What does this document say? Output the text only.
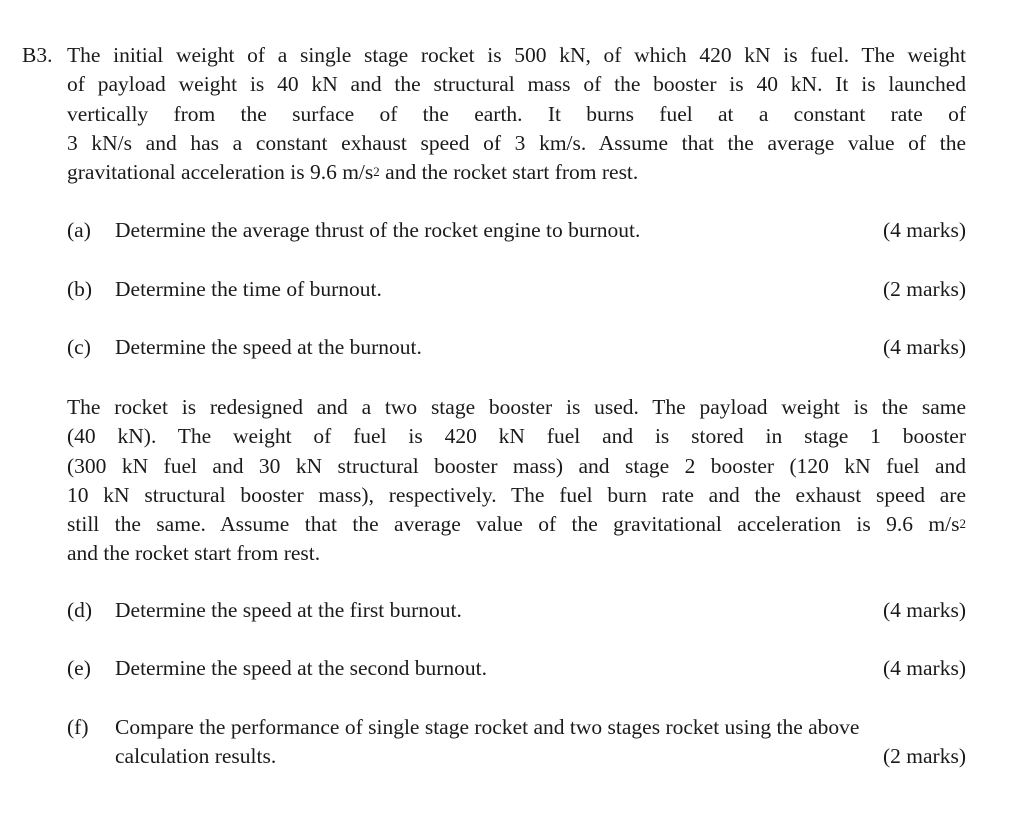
B3. The initial weight of a single stage rocket is 500 kN, of which 420 kN is fuel. The weight
of payload weight is 40 kN and the structural mass of the booster is 40 kN. It is launched
vertically from the surface of the earth. It burns fuel at a constant rate of
3 kN/s and has a constant exhaust speed of 3 km/s. Assume that the average value of the
gravitational acceleration is 9.6 $m/s^2$ and the rocket start from rest.
(a) Determine the average thrust of the rocket engine to burnout.	(4 marks)
(b) Determine the time of burnout.	(2 marks)
(c) Determine the speed at the burnout.	(4 marks)
The rocket is redesigned and a two stage booster is used. The payload weight is the same
(40 kN). The weight of fuel is 420 kN fuel and is stored in stage 1 booster
(300 kN fuel and 30 kN structural booster mass) and stage 2 booster (120 kN fuel and
10 kN structural booster mass), respectively. The fuel burn rate and the exhaust speed are
still the same. Assume that the average value of the gravitational acceleration is 9.6 $m/s^2$
and the rocket start from rest.
(d) Determine the speed at the first burnout.	(4 marks)
(e) Determine the speed at the second burnout.	(4 marks)
(f) Compare the performance of single stage rocket and two stages rocket using the above
calculation results.	(2 marks)
